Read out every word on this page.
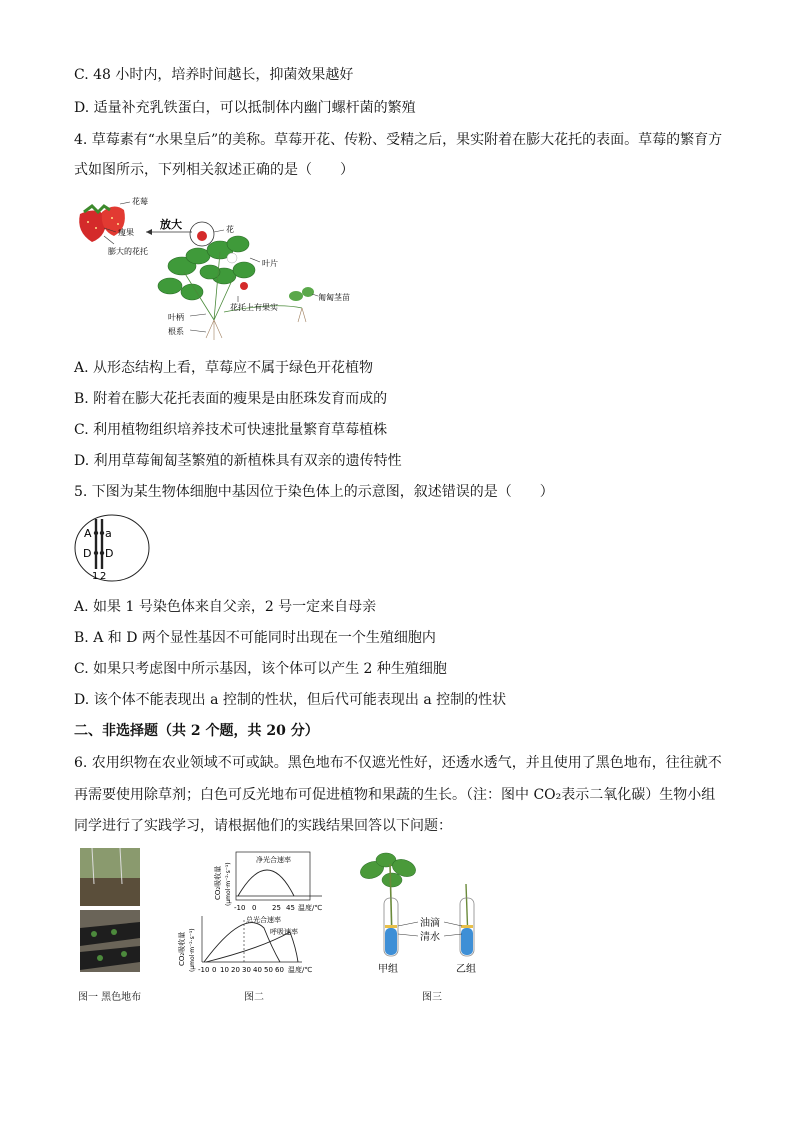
C. 48 小时内，培养时间越长，抑菌效果越好
D. 适量补充乳铁蛋白，可以抵制体内幽门螺杆菌的繁殖
4. 草莓素有“水果皇后”的美称。草莓开花、传粉、受精之后，果实附着在膨大花托的表面。草莓的繁育方
式如图所示，下列相关叙述正确的是（　　）
花莓
瘦果
膨大的花托
放大	花
叶片
匍匐茎苗
花托上有果实
叶柄
根系
A. 从形态结构上看，草莓应不属于绿色开花植物
B. 附着在膨大花托表面的瘦果是由胚珠发育而成的
C. 利用植物组织培养技术可快速批量繁育草莓植株
D. 利用草莓匍匐茎繁殖的新植株具有双亲的遗传特性
5. 下图为某生物体细胞中基因位于染色体上的示意图，叙述错误的是（　　）
A a
D D
1 2
A. 如果 1 号染色体来自父亲，2 号一定来自母亲
B. A 和 D 两个显性基因不可能同时出现在一个生殖细胞内
C. 如果只考虑图中所示基因，该个体可以产生 2 种生殖细胞
D. 该个体不能表现出 a 控制的性状，但后代可能表现出 a 控制的性状
二、非选择题（共 2 个题，共 20 分）
6. 农用织物在农业领域不可或缺。黑色地布不仅遮光性好，还透水透气，并且使用了黑色地布，往往就不
再需要使用除草剂；白色可反光地布可促进植物和果蔬的生长。（注：图中 CO₂表示二氧化碳）生物小组
同学进行了实践学习，请根据他们的实践结果回答以下问题：
图一 黑色地布
CO₂吸收量 (μmol·m⁻²·s⁻¹)
净光合速率
-10 0 25 45 温度/℃
CO₂吸收量 (μmol·m⁻²·s⁻¹)
总光合速率
呼吸速率
-10 0 10 20 30 40 50 60 温度/℃
图二
油滴
清水
甲组	乙组
图三
